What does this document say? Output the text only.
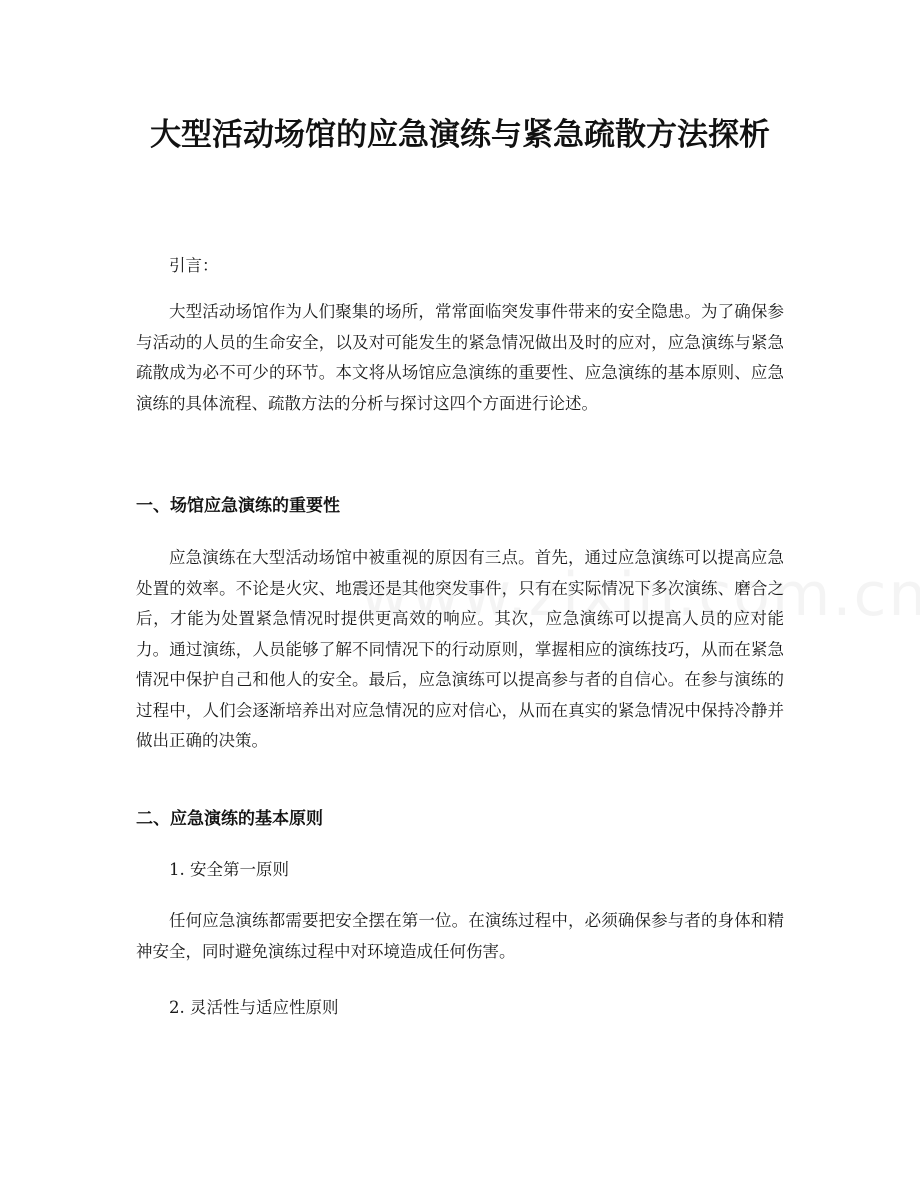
大型活动场馆的应急演练与紧急疏散方法探析

引言：

大型活动场馆作为人们聚集的场所，常常面临突发事件带来的安全隐患。为了确保参与活动的人员的生命安全，以及对可能发生的紧急情况做出及时的应对，应急演练与紧急疏散成为必不可少的环节。本文将从场馆应急演练的重要性、应急演练的基本原则、应急演练的具体流程、疏散方法的分析与探讨这四个方面进行论述。

一、场馆应急演练的重要性

应急演练在大型活动场馆中被重视的原因有三点。首先，通过应急演练可以提高应急处置的效率。不论是火灾、地震还是其他突发事件，只有在实际情况下多次演练、磨合之后，才能为处置紧急情况时提供更高效的响应。其次，应急演练可以提高人员的应对能力。通过演练，人员能够了解不同情况下的行动原则，掌握相应的演练技巧，从而在紧急情况中保护自己和他人的安全。最后，应急演练可以提高参与者的自信心。在参与演练的过程中，人们会逐渐培养出对应急情况的应对信心，从而在真实的紧急情况中保持冷静并做出正确的决策。

二、应急演练的基本原则

1. 安全第一原则

任何应急演练都需要把安全摆在第一位。在演练过程中，必须确保参与者的身体和精神安全，同时避免演练过程中对环境造成任何伤害。

2. 灵活性与适应性原则
